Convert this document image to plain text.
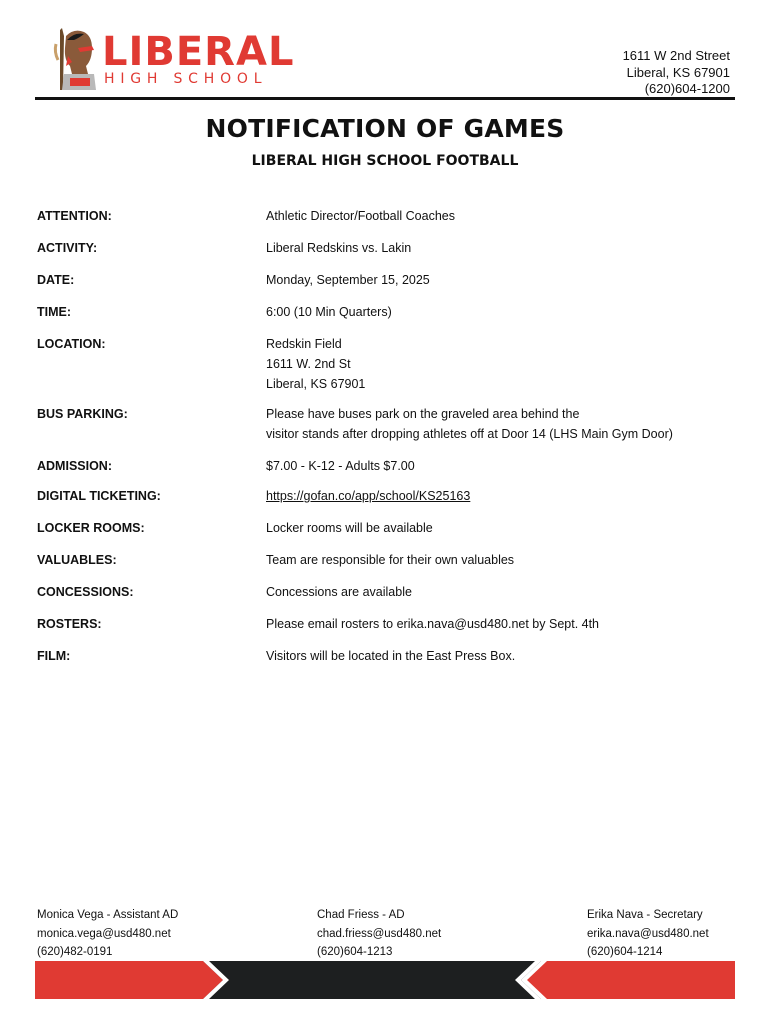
LIBERAL
HIGH SCHOOL
1611 W 2nd Street
Liberal, KS 67901
(620)604-1200
NOTIFICATION OF GAMES
LIBERAL HIGH SCHOOL FOOTBALL
ATTENTION:	Athletic Director/Football Coaches
ACTIVITY:	Liberal Redskins vs. Lakin
DATE:	Monday, September 15, 2025
TIME:	6:00 (10 Min Quarters)
LOCATION:	Redskin Field
1611 W. 2nd St
Liberal, KS 67901
BUS PARKING:	Please have buses park on the graveled area behind the
visitor stands after dropping athletes off at Door 14 (LHS Main Gym Door)
ADMISSION:	$7.00 - K-12 - Adults $7.00
DIGITAL TICKETING:	https://gofan.co/app/school/KS25163
LOCKER ROOMS:	Locker rooms will be available
VALUABLES:	Team are responsible for their own valuables
CONCESSIONS:	Concessions are available
ROSTERS:	Please email rosters to erika.nava@usd480.net by Sept. 4th
FILM:	Visitors will be located in the East Press Box.
Monica Vega - Assistant AD
monica.vega@usd480.net
(620)482-0191
Chad Friess - AD
chad.friess@usd480.net
(620)604-1213
Erika Nava - Secretary
erika.nava@usd480.net
(620)604-1214
